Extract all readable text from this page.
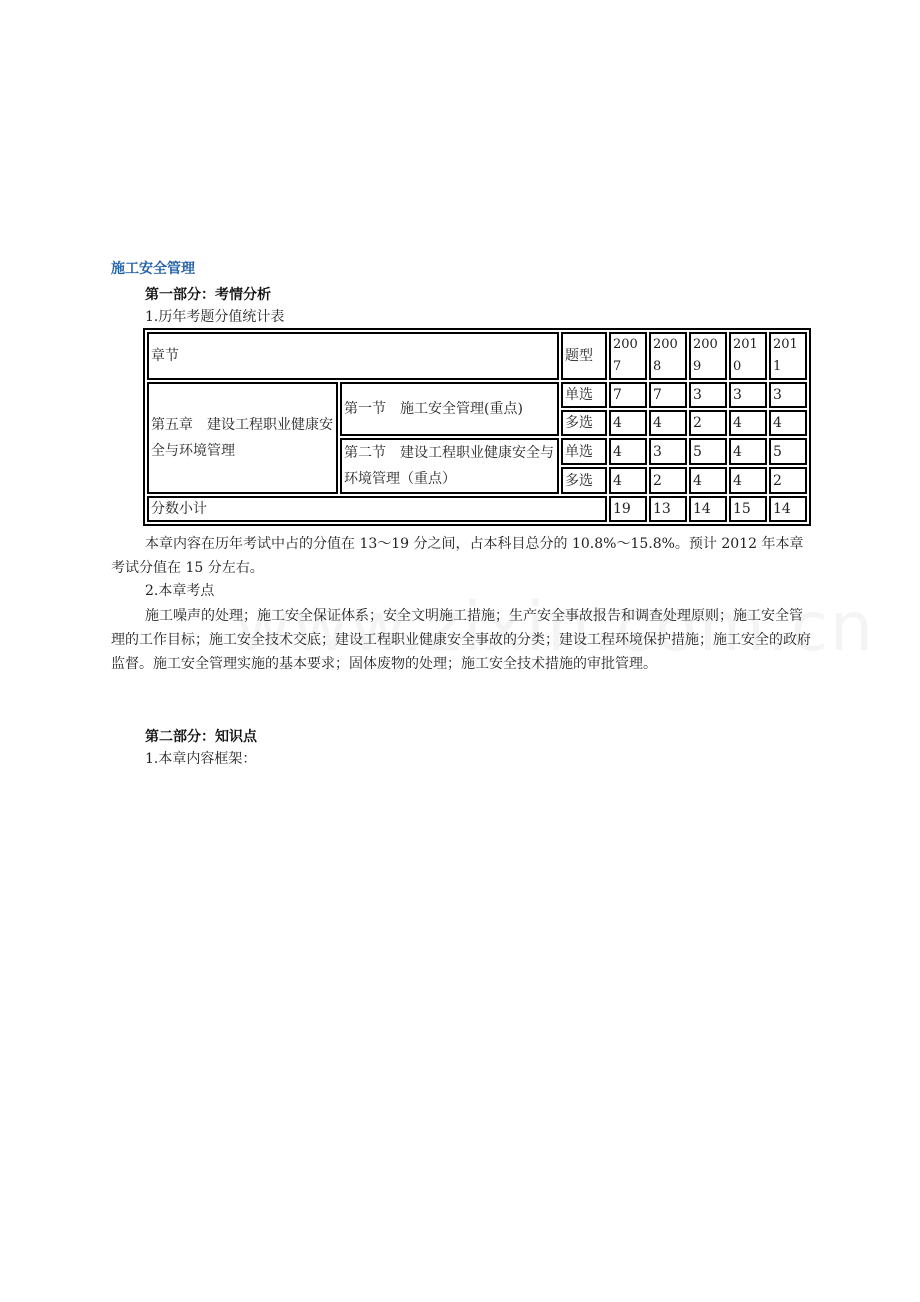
施工安全管理
第一部分：考情分析
1.历年考题分值统计表
章节		题型	2007	2008	2009	2010	2011
第五章　建设工程职业健康安全与环境管理	第一节　施工安全管理(重点)	单选	7	7	3	3	3
		多选	4	4	2	4	4
	第二节　建设工程职业健康安全与环境管理（重点）	单选	4	3	5	4	5
		多选	4	2	4	4	2
分数小计			19	13	14	15	14

本章内容在历年考试中占的分值在 13～19 分之间，占本科目总分的 10.8%～15.8%。预计 2012 年本章考试分值在 15 分左右。

2.本章考点

施工噪声的处理；施工安全保证体系；安全文明施工措施；生产安全事故报告和调查处理原则；施工安全管理的工作目标；施工安全技术交底；建设工程职业健康安全事故的分类；建设工程环境保护措施；施工安全的政府监督。施工安全管理实施的基本要求；固体废物的处理；施工安全技术措施的审批管理。

第二部分：知识点
1.本章内容框架：
